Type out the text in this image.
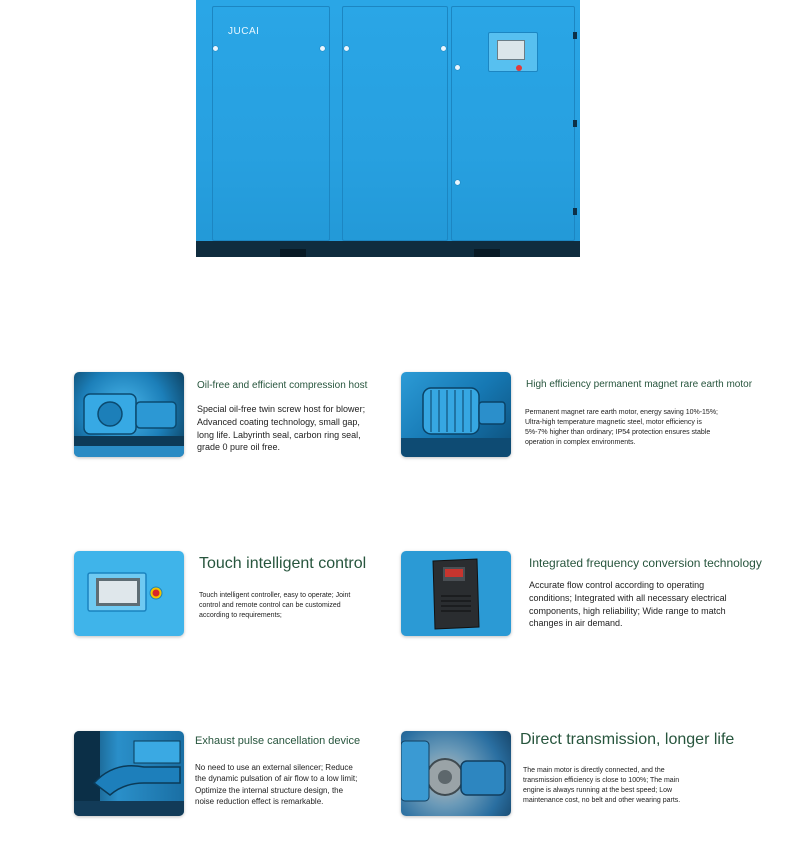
JUCAI
Oil-free and efficient compression host
Special oil-free twin screw host for blower; Advanced coating technology, small gap, long life. Labyrinth seal, carbon ring seal, grade 0 pure oil free.
High efficiency permanent magnet rare earth motor
Permanent magnet rare earth motor, energy saving 10%-15%; Ultra-high temperature magnetic steel, motor efficiency is 5%-7% higher than ordinary; IP54 protection ensures stable operation in complex environments.
Touch intelligent control
Touch intelligent controller, easy to operate; Joint control and remote control can be customized according to requirements;
Integrated frequency conversion technology
Accurate flow control according to operating conditions; Integrated with all necessary electrical components, high reliability; Wide range to match changes in air demand.
Exhaust pulse cancellation device
No need to use an external silencer; Reduce the dynamic pulsation of air flow to a low limit; Optimize the internal structure design, the noise reduction effect is remarkable.
Direct transmission, longer life
The main motor is directly connected, and the transmission efficiency is close to 100%; The main engine is always running at the best speed; Low maintenance cost, no belt and other wearing parts.
